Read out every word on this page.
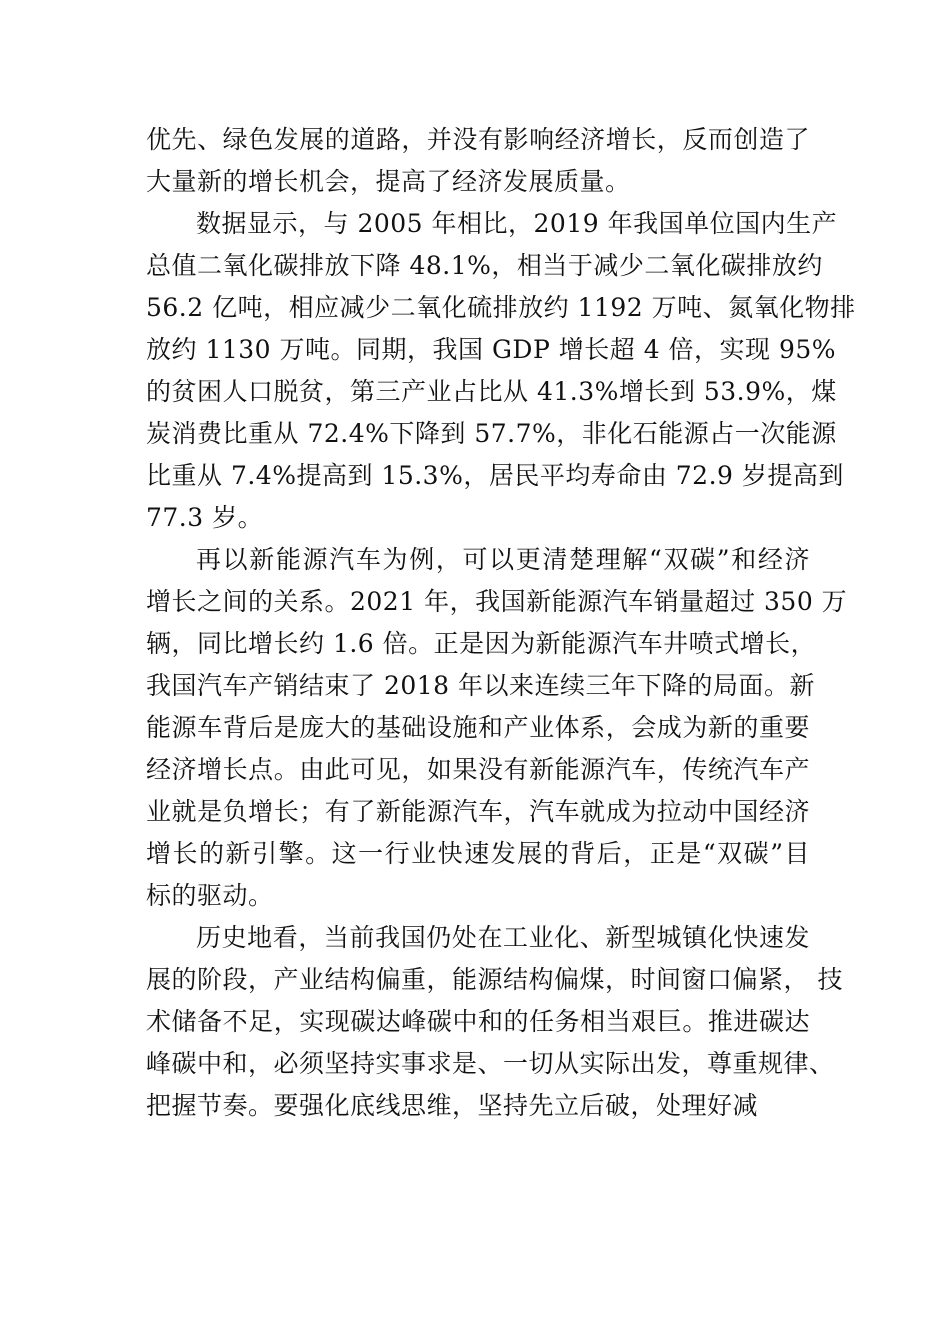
优先、绿色发展的道路，并没有影响经济增长，反而创造了
大量新的增长机会，提高了经济发展质量。
数据显示，与 2005 年相比，2019 年我国单位国内生产
总值二氧化碳排放下降 48.1%，相当于减少二氧化碳排放约
56.2 亿吨，相应减少二氧化硫排放约 1192 万吨、氮氧化物排
放约 1130 万吨。同期，我国 GDP 增长超 4 倍，实现 95%
的贫困人口脱贫，第三产业占比从 41.3%增长到 53.9%，煤
炭消费比重从 72.4%下降到 57.7%，非化石能源占一次能源
比重从 7.4%提高到 15.3%，居民平均寿命由 72.9 岁提高到
77.3 岁。
再以新能源汽车为例，可以更清楚理解“双碳”和经济
增长之间的关系。2021 年，我国新能源汽车销量超过 350 万
辆，同比增长约 1.6 倍。正是因为新能源汽车井喷式增长，
我国汽车产销结束了 2018 年以来连续三年下降的局面。新
能源车背后是庞大的基础设施和产业体系，会成为新的重要
经济增长点。由此可见，如果没有新能源汽车，传统汽车产
业就是负增长；有了新能源汽车，汽车就成为拉动中国经济
增长的新引擎。这一行业快速发展的背后，正是“双碳”目
标的驱动。
历史地看，当前我国仍处在工业化、新型城镇化快速发
展的阶段，产业结构偏重，能源结构偏煤，时间窗口偏紧， 技
术储备不足，实现碳达峰碳中和的任务相当艰巨。推进碳达
峰碳中和，必须坚持实事求是、一切从实际出发，尊重规律、
把握节奏。要强化底线思维，坚持先立后破，处理好减
